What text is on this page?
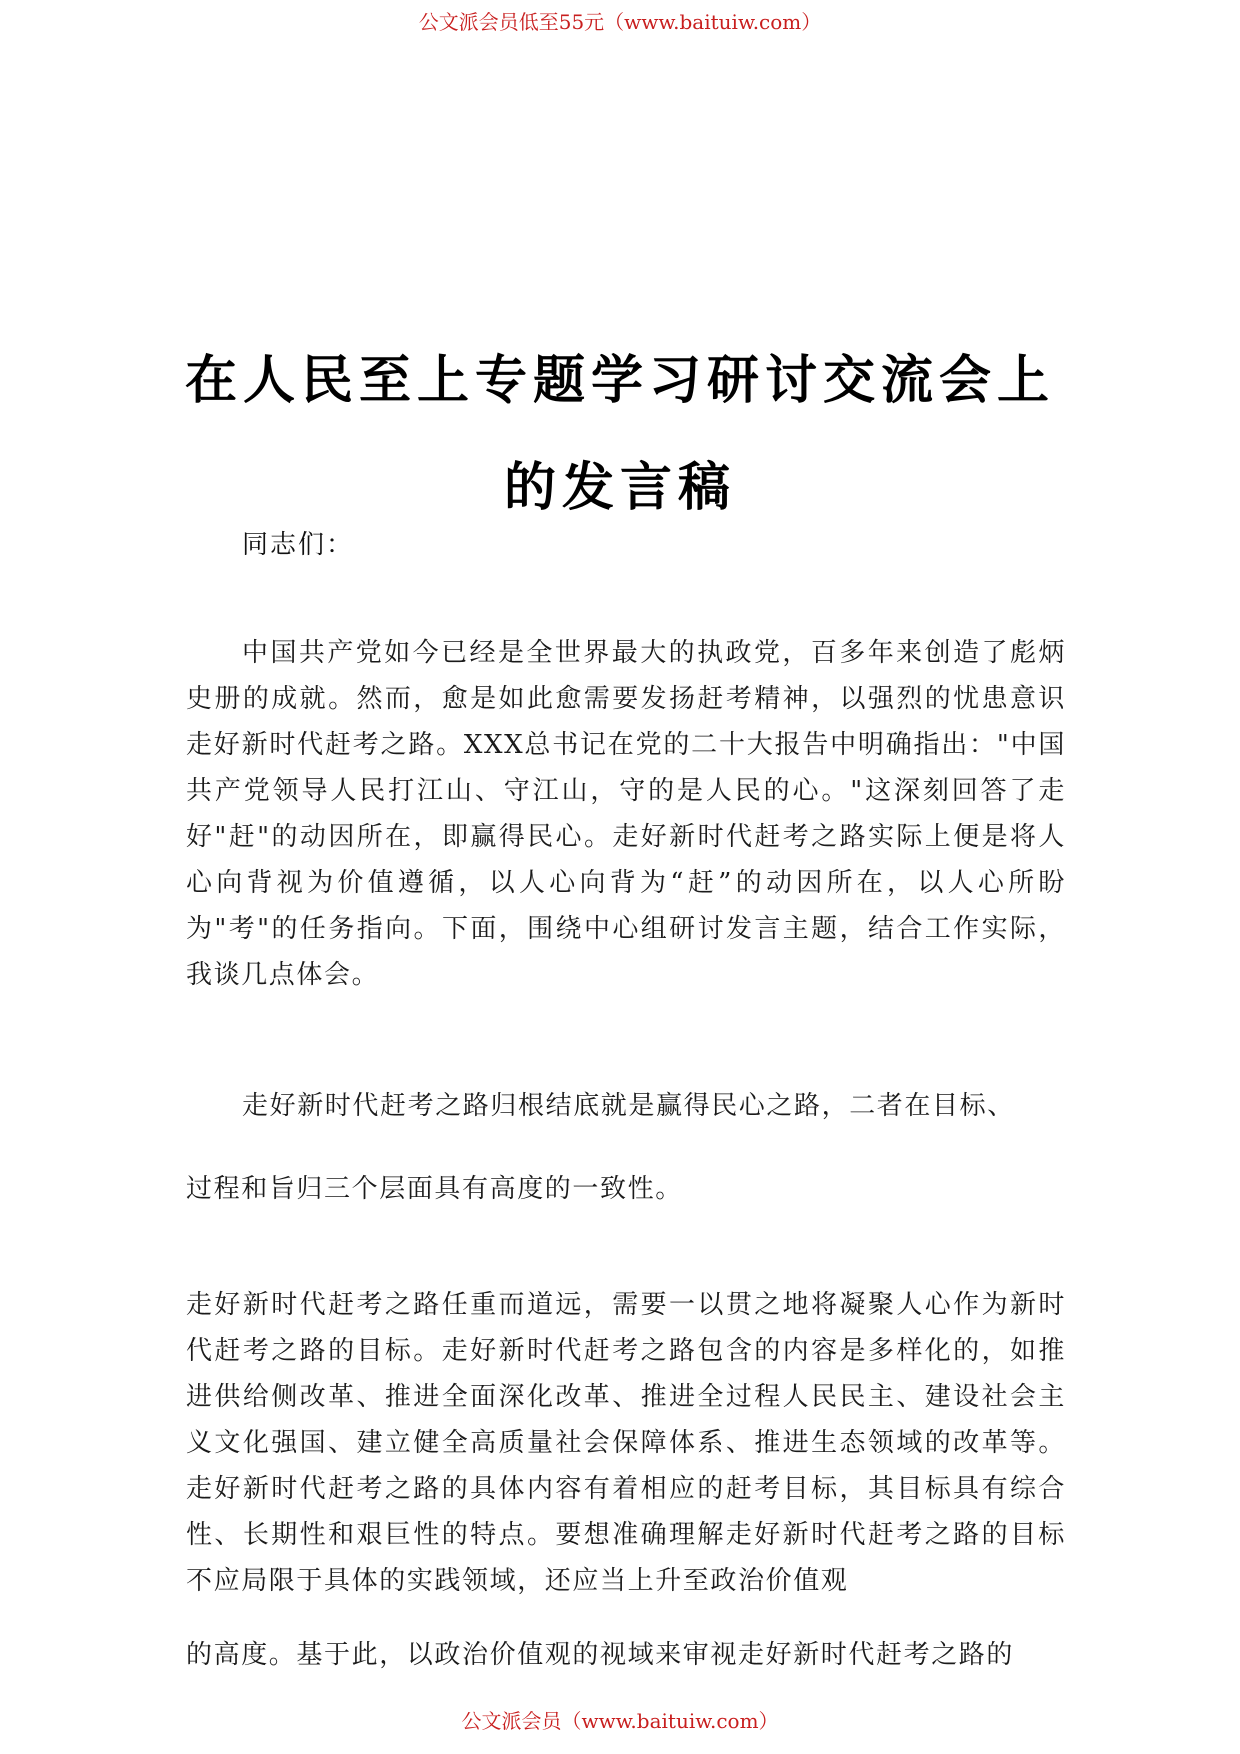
公文派会员低至55元（www.baituiw.com）
在人民至上专题学习研讨交流会上
的发言稿
同志们：
中国共产党如今已经是全世界最大的执政党，百多年来创造了彪炳史册的成就。然而，愈是如此愈需要发扬赶考精神，以强烈的忧患意识走好新时代赶考之路。XXX总书记在党的二十大报告中明确指出："中国共产党领导人民打江山、守江山，守的是人民的心。"这深刻回答了走好"赶"的动因所在，即赢得民心。走好新时代赶考之路实际上便是将人心向背视为价值遵循，以人心向背为“赶”的动因所在，以人心所盼为"考"的任务指向。下面，围绕中心组研讨发言主题，结合工作实际，我谈几点体会。
走好新时代赶考之路归根结底就是赢得民心之路，二者在目标、
过程和旨归三个层面具有高度的一致性。
走好新时代赶考之路任重而道远，需要一以贯之地将凝聚人心作为新时代赶考之路的目标。走好新时代赶考之路包含的内容是多样化的，如推进供给侧改革、推进全面深化改革、推进全过程人民民主、建设社会主义文化强国、建立健全高质量社会保障体系、推进生态领域的改革等。走好新时代赶考之路的具体内容有着相应的赶考目标，其目标具有综合性、长期性和艰巨性的特点。要想准确理解走好新时代赶考之路的目标不应局限于具体的实践领域，还应当上升至政治价值观
的高度。基于此，以政治价值观的视域来审视走好新时代赶考之路的
公文派会员（www.baituiw.com）
